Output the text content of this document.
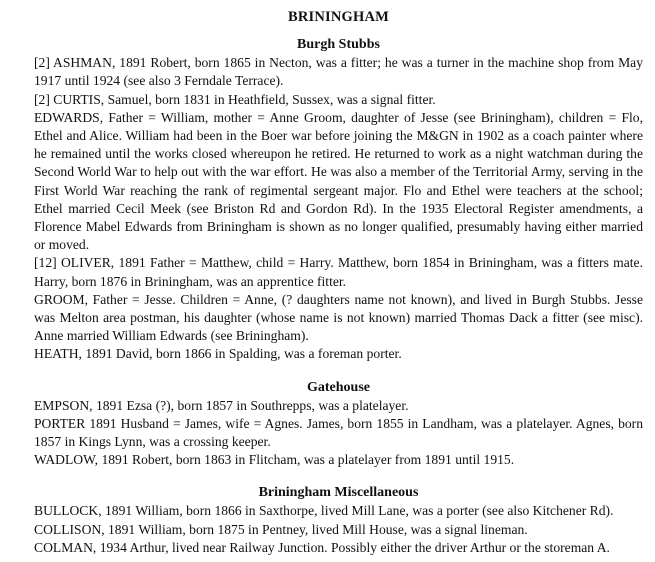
BRININGHAM
Burgh Stubbs

[2] ASHMAN, 1891 Robert, born 1865 in Necton, was a fitter; he was a turner in the machine shop from May 1917 until 1924 (see also 3 Ferndale Terrace).

[2] CURTIS, Samuel, born 1831 in Heathfield, Sussex, was a signal fitter.

EDWARDS, Father = William, mother = Anne Groom, daughter of Jesse (see Briningham), children = Flo, Ethel and Alice. William had been in the Boer war before joining the M&GN in 1902 as a coach painter where he remained until the works closed whereupon he retired. He returned to work as a night watchman during the Second World War to help out with the war effort. He was also a member of the Territorial Army, serving in the First World War reaching the rank of regimental sergeant major. Flo and Ethel were teachers at the school; Ethel married Cecil Meek (see Briston Rd and Gordon Rd). In the 1935 Electoral Register amendments, a Florence Mabel Edwards from Briningham is shown as no longer qualified, presumably having either married or moved.

[12] OLIVER, 1891 Father = Matthew, child = Harry. Matthew, born 1854 in Briningham, was a fitters mate. Harry, born 1876 in Briningham, was an apprentice fitter.

GROOM, Father = Jesse. Children = Anne, (? daughters name not known), and lived in Burgh Stubbs. Jesse was Melton area postman, his daughter (whose name is not known) married Thomas Dack a fitter (see misc). Anne married William Edwards (see Briningham).

HEATH, 1891 David, born 1866 in Spalding, was a foreman porter.

Gatehouse

EMPSON, 1891 Ezsa (?), born 1857 in Southrepps, was a platelayer.

PORTER 1891 Husband = James, wife = Agnes. James, born 1855 in Landham, was a platelayer. Agnes, born 1857 in Kings Lynn, was a crossing keeper.

WADLOW, 1891 Robert, born 1863 in Flitcham, was a platelayer from 1891 until 1915.

Briningham Miscellaneous

BULLOCK, 1891 William, born 1866 in Saxthorpe, lived Mill Lane, was a porter (see also Kitchener Rd).

COLLISON, 1891 William, born 1875 in Pentney, lived Mill House, was a signal lineman.

COLMAN, 1934 Arthur, lived near Railway Junction. Possibly either the driver Arthur or the storeman A.
